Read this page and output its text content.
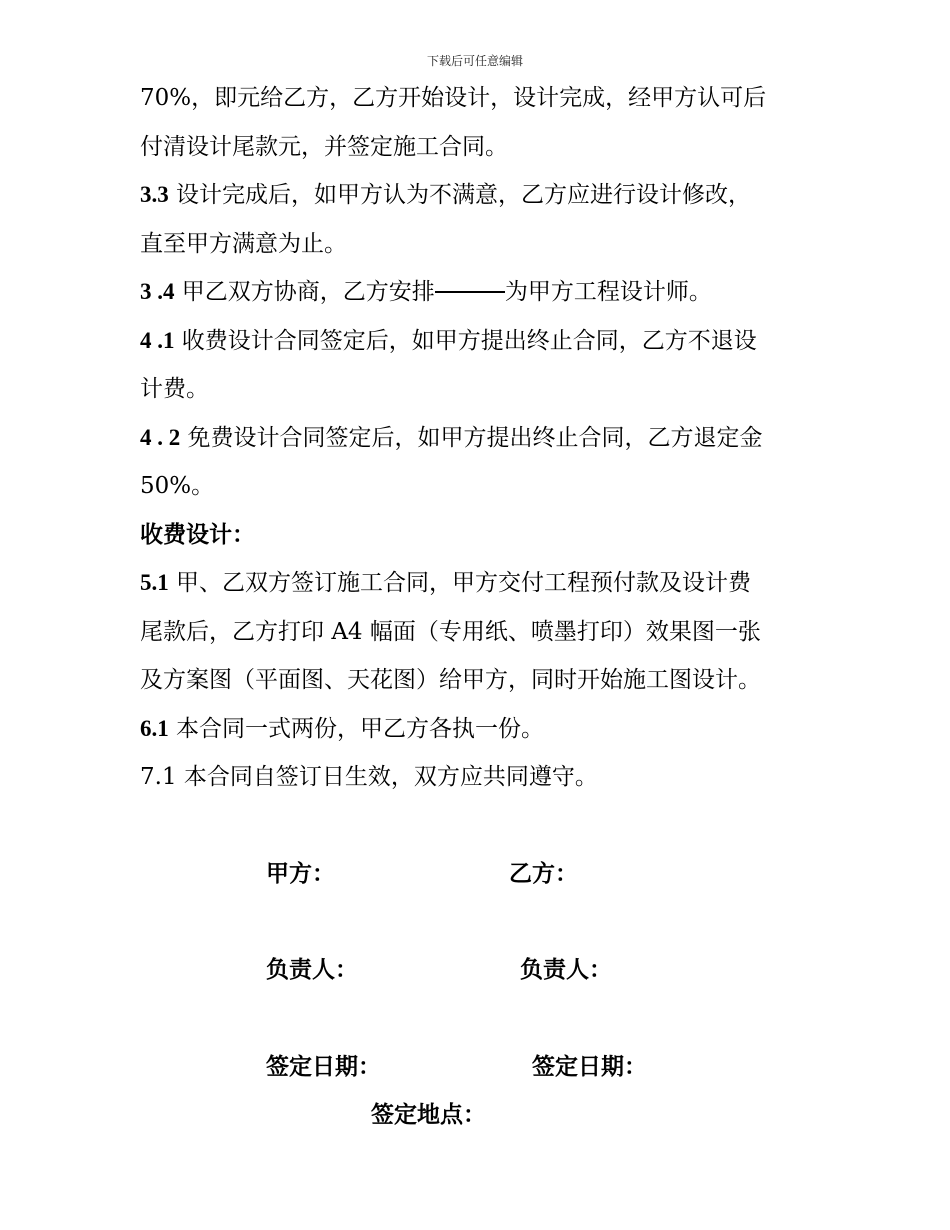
下载后可任意编辑
70%，即元给乙方，乙方开始设计，设计完成，经甲方认可后
付清设计尾款元，并签定施工合同。
3.3 设计完成后，如甲方认为不满意，乙方应进行设计修改，
直至甲方满意为止。
3 .4 甲乙双方协商，乙方安排	为甲方工程设计师。
4 .1 收费设计合同签定后，如甲方提出终止合同，乙方不退设
计费。
4 . 2 免费设计合同签定后，如甲方提出终止合同，乙方退定金
50%。
收费设计：
5.1 甲、乙双方签订施工合同，甲方交付工程预付款及设计费
尾款后，乙方打印 A4 幅面（专用纸、喷墨打印）效果图一张
及方案图（平面图、天花图）给甲方，同时开始施工图设计。
6.1 本合同一式两份，甲乙方各执一份。
7.1 本合同自签订日生效，双方应共同遵守。
甲方：	乙方：
负责人：	负责人：
签定日期：	签定日期：
签定地点：
